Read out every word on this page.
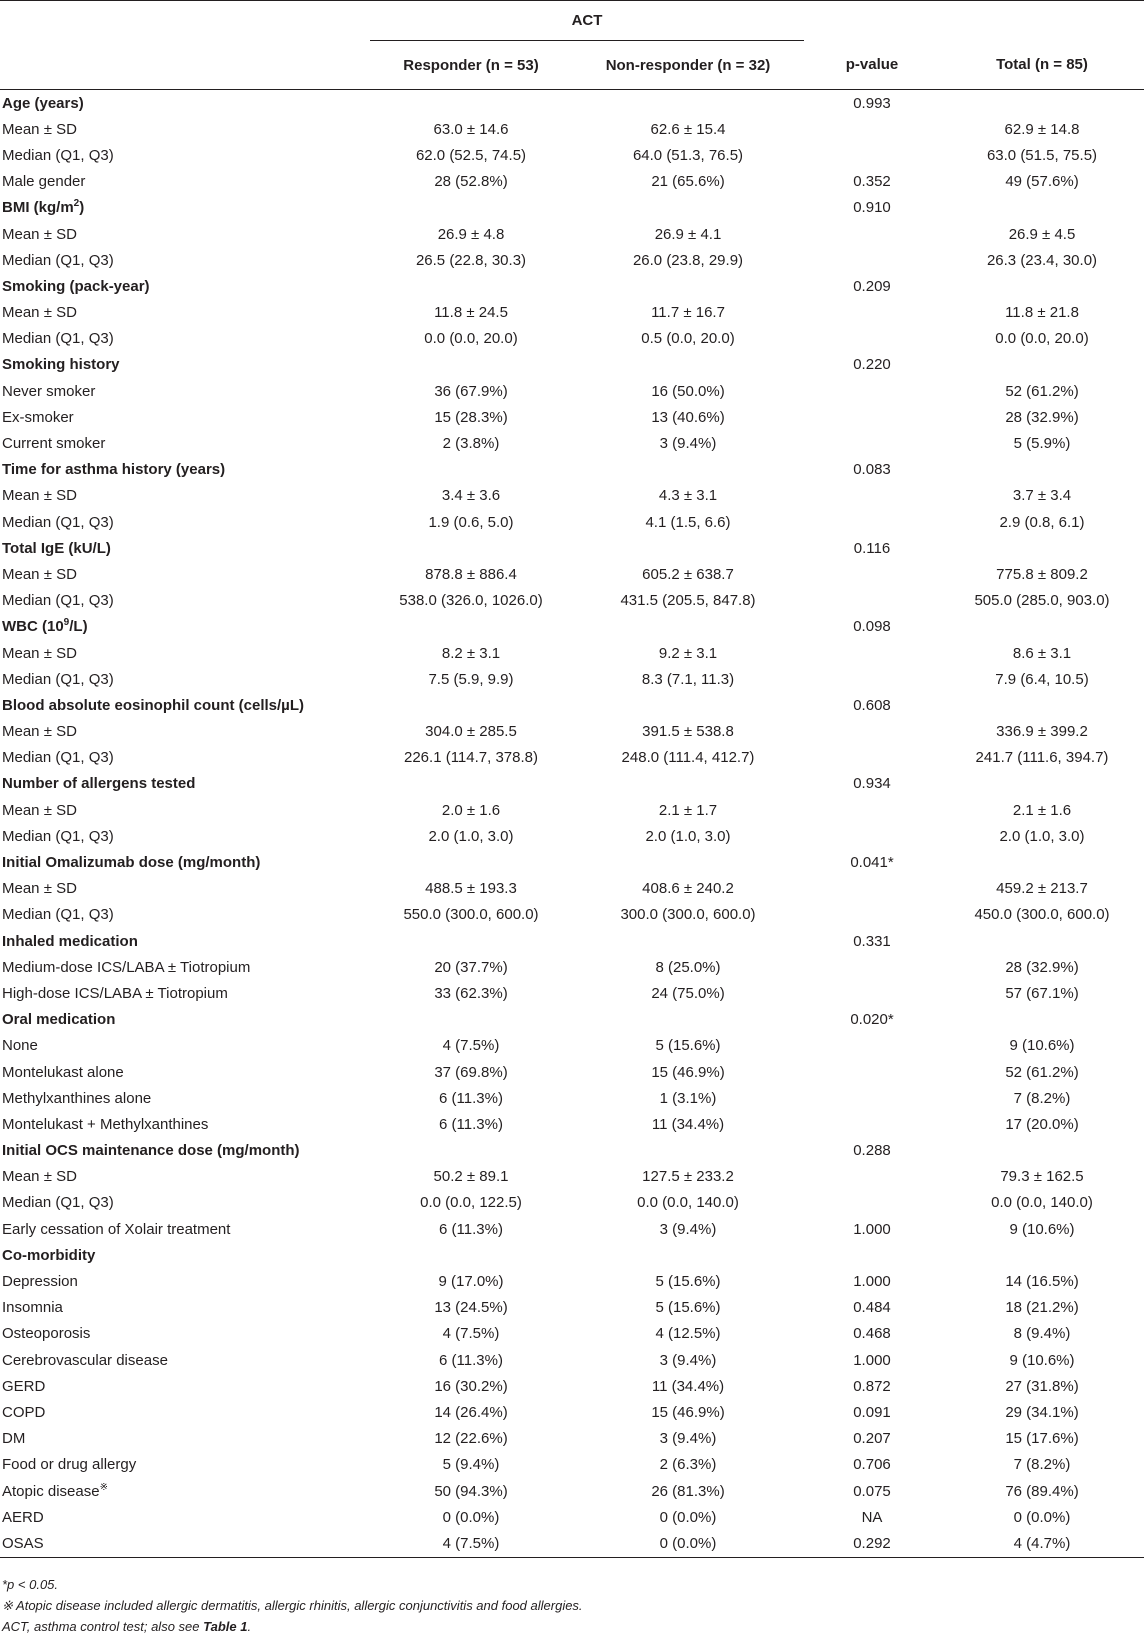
	ACT			
	Responder (n = 53)	Non-responder (n = 32)	p-value	Total (n = 85)

Age (years)			0.993	
Mean ± SD	63.0 ± 14.6	62.6 ± 15.4		62.9 ± 14.8
Median (Q1, Q3)	62.0 (52.5, 74.5)	64.0 (51.3, 76.5)		63.0 (51.5, 75.5)
Male gender	28 (52.8%)	21 (65.6%)	0.352	49 (57.6%)
BMI $(kg/m^2)$			0.910	
Mean ± SD	26.9 ± 4.8	26.9 ± 4.1		26.9 ± 4.5
Median (Q1, Q3)	26.5 (22.8, 30.3)	26.0 (23.8, 29.9)		26.3 (23.4, 30.0)
Smoking (pack-year)			0.209	
Mean ± SD	11.8 ± 24.5	11.7 ± 16.7		11.8 ± 21.8
Median (Q1, Q3)	0.0 (0.0, 20.0)	0.5 (0.0, 20.0)		0.0 (0.0, 20.0)
Smoking history			0.220	
Never smoker	36 (67.9%)	16 (50.0%)		52 (61.2%)
Ex-smoker	15 (28.3%)	13 (40.6%)		28 (32.9%)
Current smoker	2 (3.8%)	3 (9.4%)		5 (5.9%)
Time for asthma history (years)			0.083	
Mean ± SD	3.4 ± 3.6	4.3 ± 3.1		3.7 ± 3.4
Median (Q1, Q3)	1.9 (0.6, 5.0)	4.1 (1.5, 6.6)		2.9 (0.8, 6.1)
Total IgE (kU/L)			0.116	
Mean ± SD	878.8 ± 886.4	605.2 ± 638.7		775.8 ± 809.2
Median (Q1, Q3)	538.0 (326.0, 1026.0)	431.5 (205.5, 847.8)		505.0 (285.0, 903.0)
WBC $(10^9/L)$			0.098	
Mean ± SD	8.2 ± 3.1	9.2 ± 3.1		8.6 ± 3.1
Median (Q1, Q3)	7.5 (5.9, 9.9)	8.3 (7.1, 11.3)		7.9 (6.4, 10.5)
Blood absolute eosinophil count (cells/µL)			0.608	
Mean ± SD	304.0 ± 285.5	391.5 ± 538.8		336.9 ± 399.2
Median (Q1, Q3)	226.1 (114.7, 378.8)	248.0 (111.4, 412.7)		241.7 (111.6, 394.7)
Number of allergens tested			0.934	
Mean ± SD	2.0 ± 1.6	2.1 ± 1.7		2.1 ± 1.6
Median (Q1, Q3)	2.0 (1.0, 3.0)	2.0 (1.0, 3.0)		2.0 (1.0, 3.0)
Initial Omalizumab dose (mg/month)			0.041*	
Mean ± SD	488.5 ± 193.3	408.6 ± 240.2		459.2 ± 213.7
Median (Q1, Q3)	550.0 (300.0, 600.0)	300.0 (300.0, 600.0)		450.0 (300.0, 600.0)
Inhaled medication			0.331	
Medium-dose ICS/LABA ± Tiotropium	20 (37.7%)	8 (25.0%)		28 (32.9%)
High-dose ICS/LABA ± Tiotropium	33 (62.3%)	24 (75.0%)		57 (67.1%)
Oral medication			0.020*	
None	4 (7.5%)	5 (15.6%)		9 (10.6%)
Montelukast alone	37 (69.8%)	15 (46.9%)		52 (61.2%)
Methylxanthines alone	6 (11.3%)	1 (3.1%)		7 (8.2%)
Montelukast + Methylxanthines	6 (11.3%)	11 (34.4%)		17 (20.0%)
Initial OCS maintenance dose (mg/month)			0.288	
Mean ± SD	50.2 ± 89.1	127.5 ± 233.2		79.3 ± 162.5
Median (Q1, Q3)	0.0 (0.0, 122.5)	0.0 (0.0, 140.0)		0.0 (0.0, 140.0)
Early cessation of Xolair treatment	6 (11.3%)	3 (9.4%)	1.000	9 (10.6%)
Co-morbidity				
Depression	9 (17.0%)	5 (15.6%)	1.000	14 (16.5%)
Insomnia	13 (24.5%)	5 (15.6%)	0.484	18 (21.2%)
Osteoporosis	4 (7.5%)	4 (12.5%)	0.468	8 (9.4%)
Cerebrovascular disease	6 (11.3%)	3 (9.4%)	1.000	9 (10.6%)
GERD	16 (30.2%)	11 (34.4%)	0.872	27 (31.8%)
COPD	14 (26.4%)	15 (46.9%)	0.091	29 (34.1%)
DM	12 (22.6%)	3 (9.4%)	0.207	15 (17.6%)
Food or drug allergy	5 (9.4%)	2 (6.3%)	0.706	7 (8.2%)
Atopic disease※	50 (94.3%)	26 (81.3%)	0.075	76 (89.4%)
AERD	0 (0.0%)	0 (0.0%)	NA	0 (0.0%)
OSAS	4 (7.5%)	0 (0.0%)	0.292	4 (4.7%)

*p < 0.05.
※ Atopic disease included allergic dermatitis, allergic rhinitis, allergic conjunctivitis and food allergies.
ACT, asthma control test; also see Table 1.
